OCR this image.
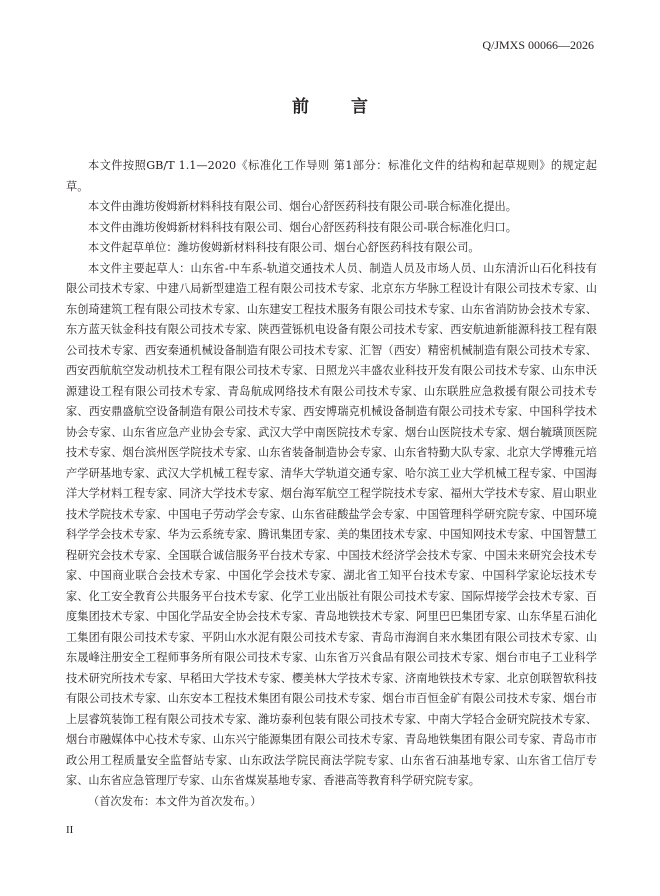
Q/JMXS 00066—2026
前 言

本文件按照GB/T 1.1—2020《标准化工作导则 第1部分：标准化文件的结构和起草规则》的规定起草。

本文件由潍坊俊姆新材料科技有限公司、烟台心舒医药科技有限公司-联合标准化提出。

本文件由潍坊俊姆新材料科技有限公司、烟台心舒医药科技有限公司-联合标准化归口。

本文件起草单位：潍坊俊姆新材料科技有限公司、烟台心舒医药科技有限公司。

本文件主要起草人：山东省-中车系-轨道交通技术人员、制造人员及市场人员、山东清沂山石化科技有限公司技术专家、中建八局新型建造工程有限公司技术专家、北京东方华脉工程设计有限公司技术专家、山东创琦建筑工程有限公司技术专家、山东建安工程技术服务有限公司技术专家、山东省消防协会技术专家、东方蓝天钛金科技有限公司技术专家、陕西萱铄机电设备有限公司技术专家、西安航迪新能源科技工程有限公司技术专家、西安秦通机械设备制造有限公司技术专家、汇智（西安）精密机械制造有限公司技术专家、西安西航航空发动机技术工程有限公司技术专家、日照龙兴丰盛农业科技开发有限公司技术专家、山东申沃源建设工程有限公司技术专家、青岛航成网络技术有限公司技术专家、山东联胜应急救援有限公司技术专家、西安鼎盛航空设备制造有限公司技术专家、西安博瑞克机械设备制造有限公司技术专家、中国科学技术协会专家、山东省应急产业协会专家、武汉大学中南医院技术专家、烟台山医院技术专家、烟台毓璜顶医院技术专家、烟台滨州医学院技术专家、山东省装备制造协会专家、山东省特勤大队专家、北京大学博雅元培产学研基地专家、武汉大学机械工程专家、清华大学轨道交通专家、哈尔滨工业大学机械工程专家、中国海洋大学材料工程专家、同济大学技术专家、烟台海军航空工程学院技术专家、福州大学技术专家、眉山职业技术学院技术专家、中国电子劳动学会专家、山东省硅酸盐学会专家、中国管理科学研究院专家、中国环境科学学会技术专家、华为云系统专家、腾讯集团专家、美的集团技术专家、中国知网技术专家、中国智慧工程研究会技术专家、全国联合诚信服务平台技术专家、中国技术经济学会技术专家、中国未来研究会技术专家、中国商业联合会技术专家、中国化学会技术专家、湖北省工知平台技术专家、中国科学家论坛技术专家、化工安全教育公共服务平台技术专家、化学工业出版社有限公司技术专家、国际焊接学会技术专家、百度集团技术专家、中国化学品安全协会技术专家、青岛地铁技术专家、阿里巴巴集团专家、山东华星石油化工集团有限公司技术专家、平阴山水水泥有限公司技术专家、青岛市海润自来水集团有限公司技术专家、山东晟峰注册安全工程师事务所有限公司技术专家、山东省万兴食品有限公司技术专家、烟台市电子工业科学技术研究所技术专家、早稻田大学技术专家、樱美林大学技术专家、济南地铁技术专家、北京创联智软科技有限公司技术专家、山东安本工程技术集团有限公司技术专家、烟台市百恒金矿有限公司技术专家、烟台市上层睿筑装饰工程有限公司技术专家、潍坊泰利包装有限公司技术专家、中南大学轻合金研究院技术专家、烟台市融媒体中心技术专家、山东兴宁能源集团有限公司技术专家、青岛地铁集团有限公司专家、青岛市市政公用工程质量安全监督站专家、山东政法学院民商法学院专家、山东省石油基地专家、山东省工信厅专家、山东省应急管理厅专家、山东省煤炭基地专家、香港高等教育科学研究院专家。

（首次发布：本文件为首次发布。）

II
